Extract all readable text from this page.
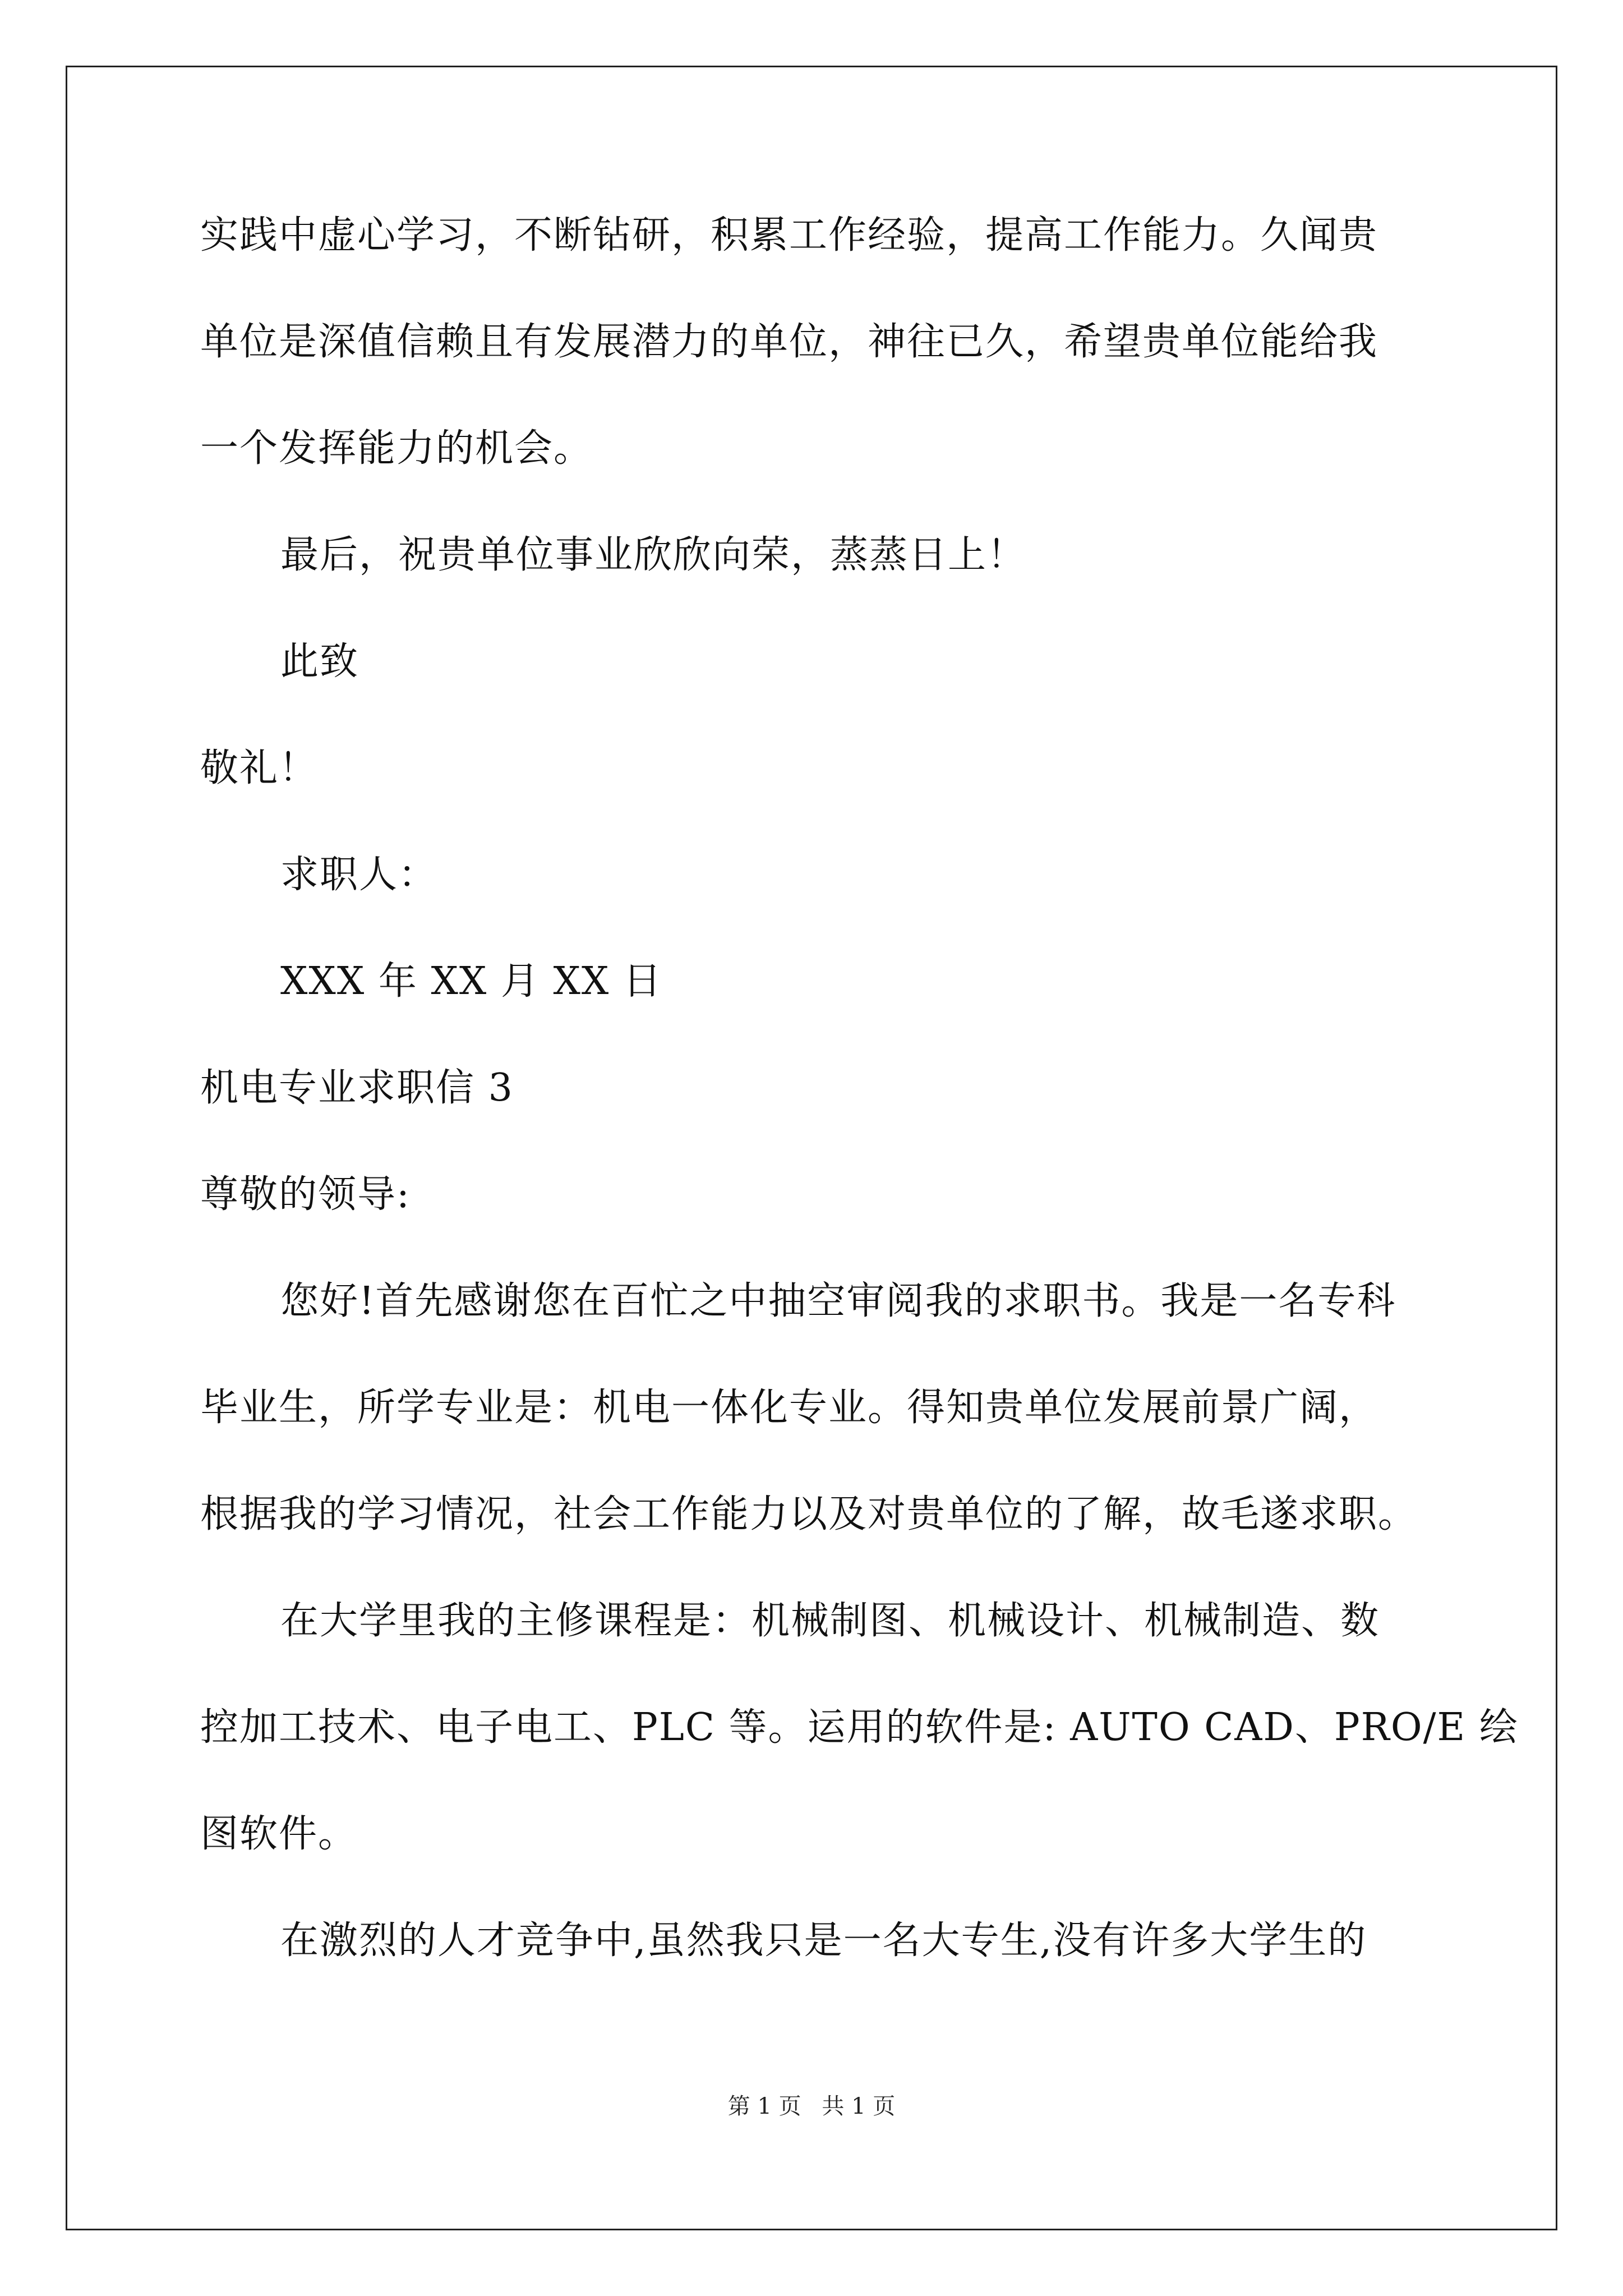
实践中虚心学习，不断钻研，积累工作经验，提高工作能力。久闻贵
单位是深值信赖且有发展潜力的单位，神往已久，希望贵单位能给我
一个发挥能力的机会。
最后，祝贵单位事业欣欣向荣，蒸蒸日上！
此致
敬礼！
求职人：
XXX 年 XX 月 XX 日
机电专业求职信 3
尊敬的领导:
您好!首先感谢您在百忙之中抽空审阅我的求职书。我是一名专科
毕业生，所学专业是：机电一体化专业。得知贵单位发展前景广阔，
根据我的学习情况，社会工作能力以及对贵单位的了解，故毛遂求职。
在大学里我的主修课程是：机械制图、机械设计、机械制造、数
控加工技术、电子电工、PLC 等。运用的软件是: AUTO CAD、PRO/E 绘
图软件。
在激烈的人才竞争中,虽然我只是一名大专生,没有许多大学生的
第 1 页 共 1 页
